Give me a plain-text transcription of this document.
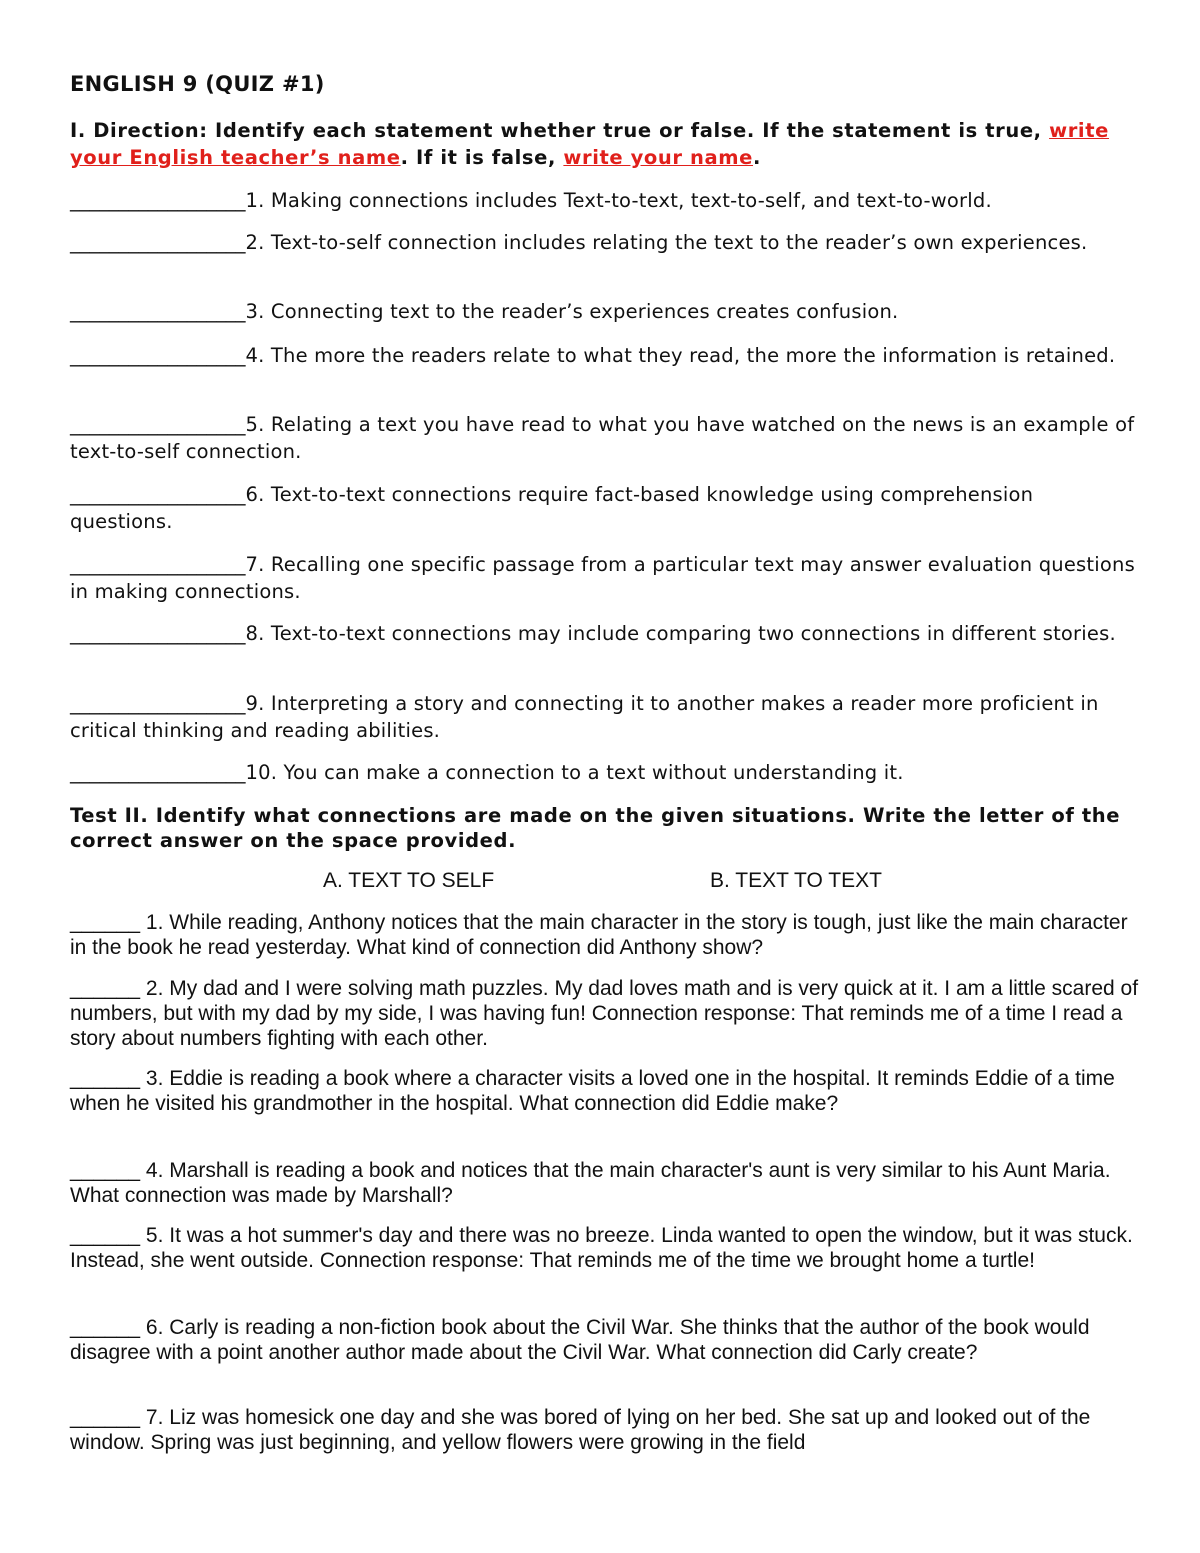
ENGLISH 9 (QUIZ #1)
I. Direction: Identify each statement whether true or false. If the statement is true, write your English teacher’s name. If it is false, write your name.
__________________1. Making connections includes Text-to-text, text-to-self, and text-to-world.
__________________2. Text-to-self connection includes relating the text to the reader’s own experiences.
__________________3. Connecting text to the reader’s experiences creates confusion.
__________________4. The more the readers relate to what they read, the more the information is retained.
__________________5. Relating a text you have read to what you have watched on the news is an example of text-to-self connection.
__________________6. Text-to-text connections require fact-based knowledge using comprehension questions.
__________________7. Recalling one specific passage from a particular text may answer evaluation questions in making connections.
__________________8. Text-to-text connections may include comparing two connections in different stories.
__________________9. Interpreting a story and connecting it to another makes a reader more proficient in critical thinking and reading abilities.
__________________10. You can make a connection to a text without understanding it.
Test II. Identify what connections are made on the given situations. Write the letter of the correct answer on the space provided.
A. TEXT TO SELF	B. TEXT TO TEXT
______ 1. While reading, Anthony notices that the main character in the story is tough, just like the main character in the book he read yesterday. What kind of connection did Anthony show?
______ 2. My dad and I were solving math puzzles. My dad loves math and is very quick at it. I am a little scared of numbers, but with my dad by my side, I was having fun! Connection response: That reminds me of a time I read a story about numbers fighting with each other.
______ 3. Eddie is reading a book where a character visits a loved one in the hospital. It reminds Eddie of a time when he visited his grandmother in the hospital. What connection did Eddie make?
______ 4. Marshall is reading a book and notices that the main character's aunt is very similar to his Aunt Maria. What connection was made by Marshall?
______ 5. It was a hot summer's day and there was no breeze. Linda wanted to open the window, but it was stuck. Instead, she went outside. Connection response: That reminds me of the time we brought home a turtle!
______ 6. Carly is reading a non-fiction book about the Civil War. She thinks that the author of the book would disagree with a point another author made about the Civil War. What connection did Carly create?
______ 7. Liz was homesick one day and she was bored of lying on her bed. She sat up and looked out of the window. Spring was just beginning, and yellow flowers were growing in the field
